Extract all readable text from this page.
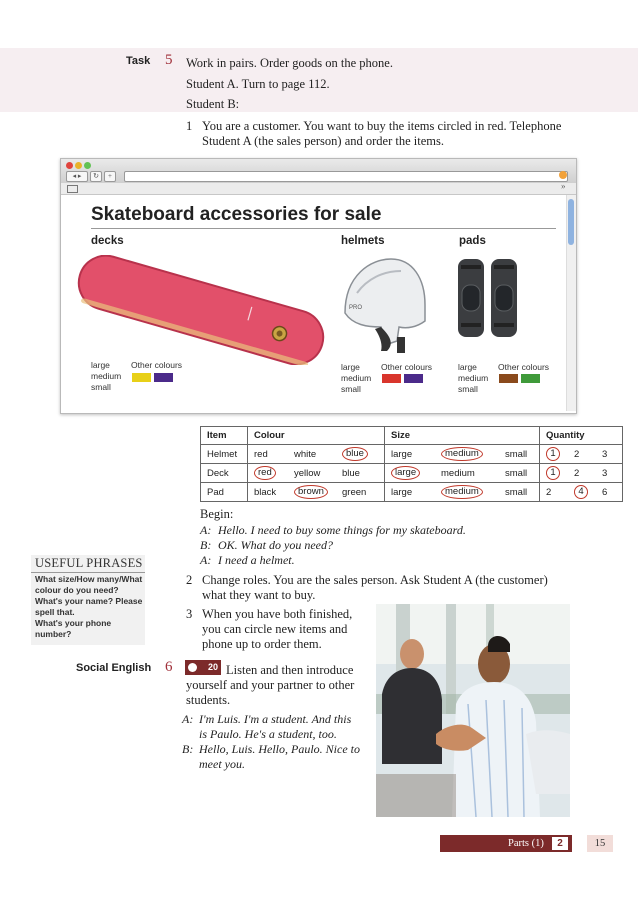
Task 5 Work in pairs. Order goods on the phone.
Student A. Turn to page 112.
Student B:
1 You are a customer. You want to buy the items circled in red. Telephone
Student A (the sales person) and order the items.
◂ ▸	↻	+
»
Skateboard accessories for sale
decks	helmets	pads
PRO
large
medium
small
Other colours	large
medium
small
Other colours	large
medium
small
Other colours
Item	Colour			Size			Quantity		
Helmet	red	white	blue	large	medium	small	1	2	3
Deck	red	yellow	blue	large	medium	small	1	2	3
Pad	black	brown	green	large	medium	small	2	4	6
Begin:
A: Hello. I need to buy some things for my skateboard.
B: OK. What do you need?
A: I need a helmet.
USEFUL PHRASES
What size/How many/What
colour do you need?
What's your name? Please
spell that.
What's your phone
number?
2 Change roles. You are the sales person. Ask Student A (the customer)
what they want to buy.
3 When you have both finished,
you can circle new items and
phone up to order them.
Social English 6	20 Listen and then introduce
yourself and your partner to other
students.
A: I'm Luis. I'm a student. And this
is Paulo. He's a student, too.
B: Hello, Luis. Hello, Paulo. Nice to
meet you.
Parts (1)	2	15
